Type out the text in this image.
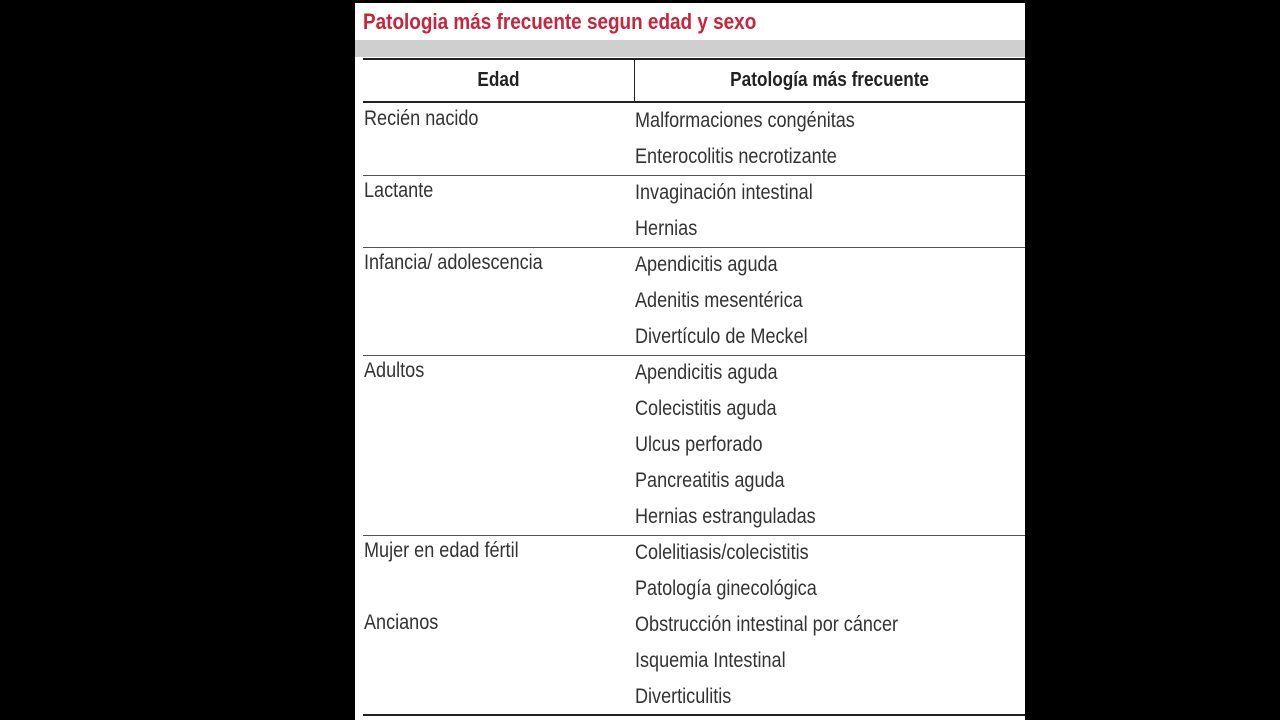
Patologia más frecuente segun edad y sexo
Edad	Patología más frecuente
Recién nacido	Malformaciones congénitas
Enterocolitis necrotizante
Lactante	Invaginación intestinal
Hernias
Infancia/ adolescencia	Apendicitis aguda
Adenitis mesentérica
Divertículo de Meckel
Adultos	Apendicitis aguda
Colecistitis aguda
Ulcus perforado
Pancreatitis aguda
Hernias estranguladas
Mujer en edad fértil	Colelitiasis/colecistitis
Patología ginecológica
Ancianos	Obstrucción intestinal por cáncer
Isquemia Intestinal
Diverticulitis
